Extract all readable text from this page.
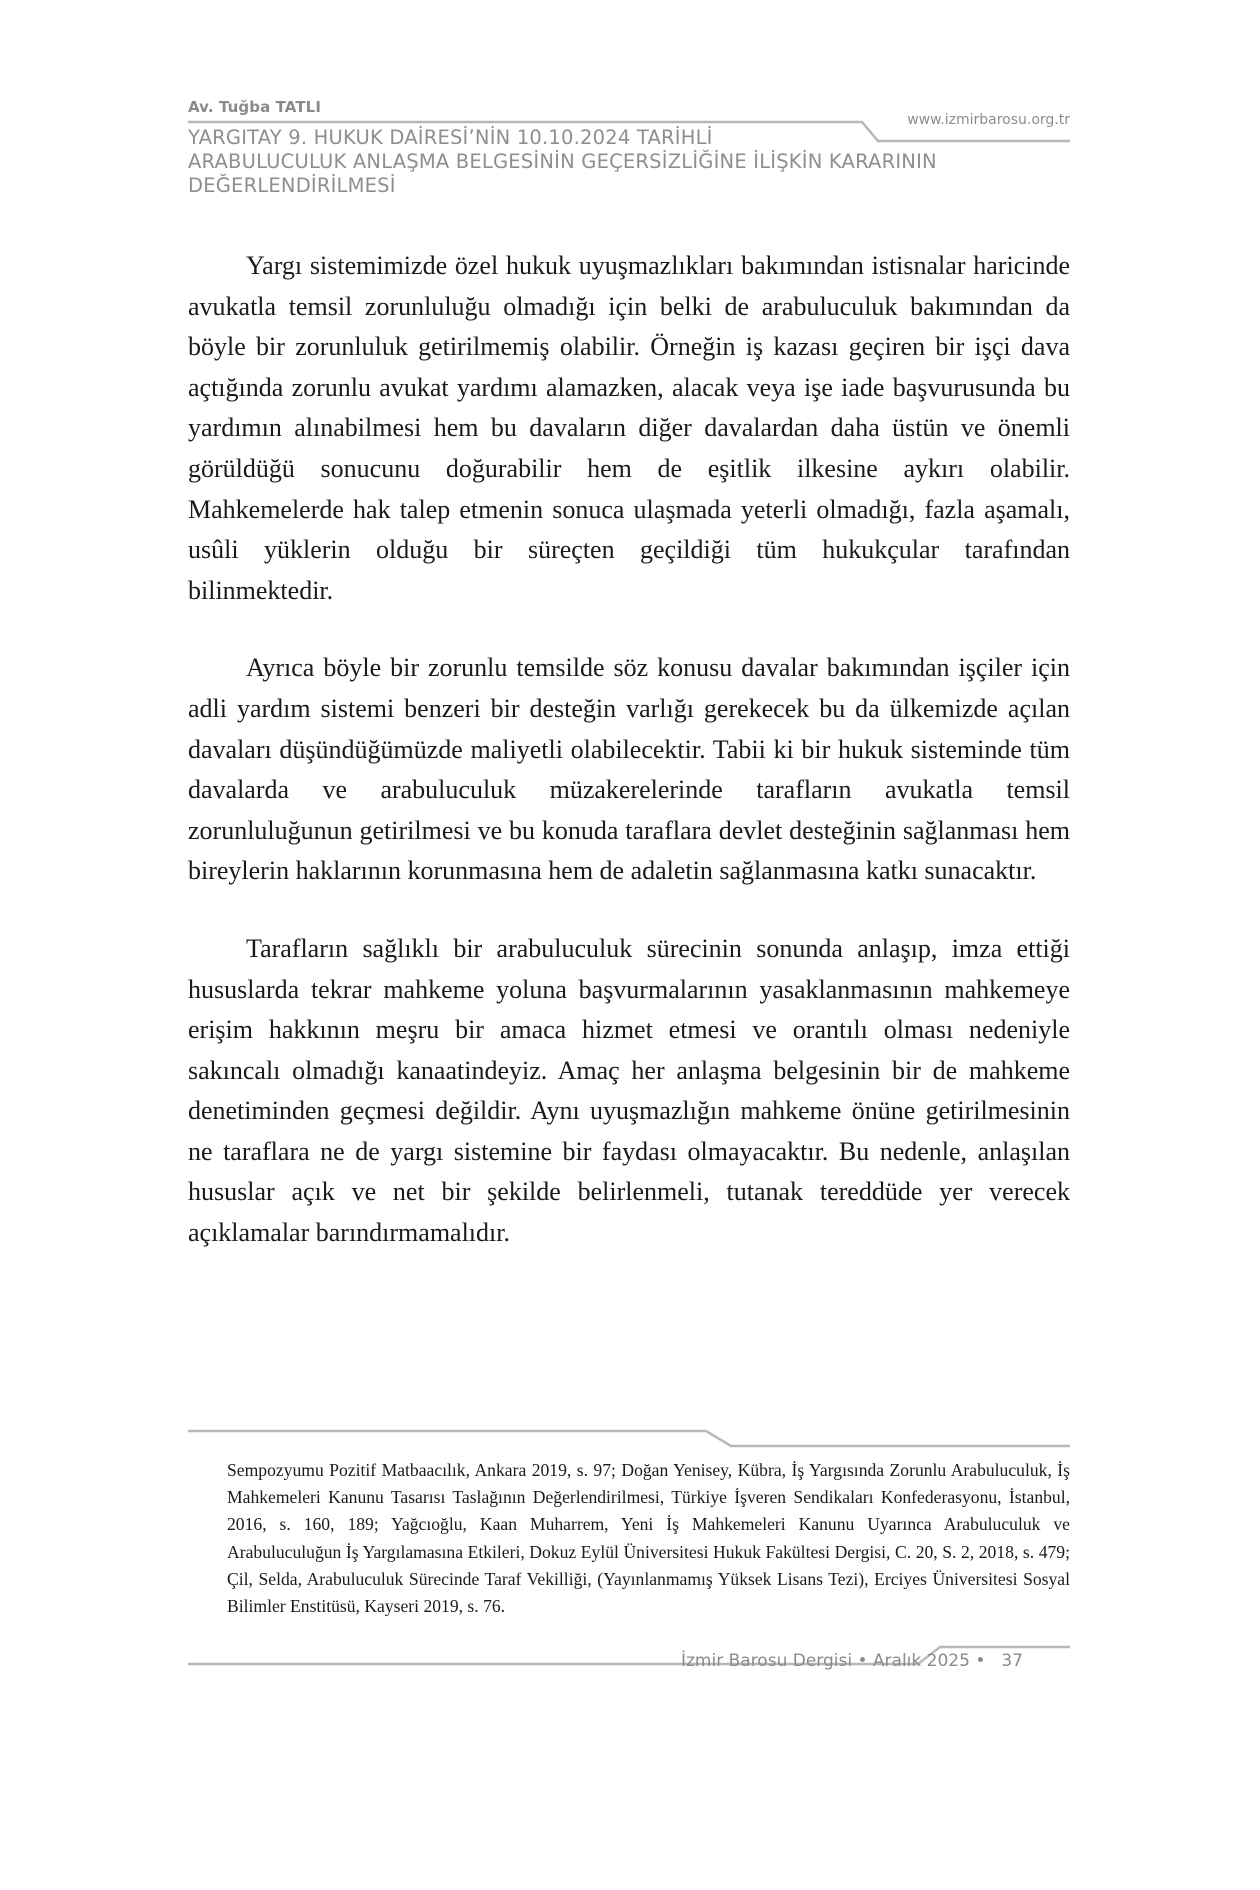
Av. Tuğba TATLI
www.izmirbarosu.org.tr
YARGITAY 9. HUKUK DAİRESİ’NİN 10.10.2024 TARİHLİ
ARABULUCULUK ANLAŞMA BELGESİNİN GEÇERSİZLİĞİNE İLİŞKİN KARARININ
DEĞERLENDİRİLMESİ

Yargı sistemimizde özel hukuk uyuşmazlıkları bakımından istisnalar haricinde avukatla temsil zorunluluğu olmadığı için belki de arabuluculuk bakımından da böyle bir zorunluluk getirilmemiş olabilir. Örneğin iş kazası geçiren bir işçi dava açtığında zorunlu avukat yardımı alamazken, alacak veya işe iade başvurusunda bu yardımın alınabilmesi hem bu davaların diğer davalardan daha üstün ve önemli görüldüğü sonucunu doğurabilir hem de eşitlik ilkesine aykırı olabilir. Mahkemelerde hak talep etmenin sonuca ulaşmada yeterli olmadığı, fazla aşamalı, usûli yüklerin olduğu bir süreçten geçildiği tüm hukukçular tarafından bilinmektedir.

Ayrıca böyle bir zorunlu temsilde söz konusu davalar bakımından işçiler için adli yardım sistemi benzeri bir desteğin varlığı gerekecek bu da ülkemizde açılan davaları düşündüğümüzde maliyetli olabilecektir. Tabii ki bir hukuk sisteminde tüm davalarda ve arabuluculuk müzakerelerinde tarafların avukatla temsil zorunluluğunun getirilmesi ve bu konuda taraflara devlet desteğinin sağlanması hem bireylerin haklarının korunmasına hem de adaletin sağlanmasına katkı sunacaktır.

Tarafların sağlıklı bir arabuluculuk sürecinin sonunda anlaşıp, imza ettiği hususlarda tekrar mahkeme yoluna başvurmalarının yasaklanmasının mahkemeye erişim hakkının meşru bir amaca hizmet etmesi ve orantılı olması nedeniyle sakıncalı olmadığı kanaatindeyiz. Amaç her anlaşma belgesinin bir de mahkeme denetiminden geçmesi değildir. Aynı uyuşmazlığın mahkeme önüne getirilmesinin ne taraflara ne de yargı sistemine bir faydası olmayacaktır. Bu nedenle, anlaşılan hususlar açık ve net bir şekilde belirlenmeli, tutanak tereddüde yer verecek açıklamalar barındırmamalıdır.

Sempozyumu Pozitif Matbaacılık, Ankara 2019, s. 97; Doğan Yenisey, Kübra, İş Yargısında Zorunlu Arabuluculuk, İş Mahkemeleri Kanunu Tasarısı Taslağının Değerlendirilmesi, Türkiye İşveren Sendikaları Konfederasyonu, İstanbul, 2016, s. 160, 189; Yağcıoğlu, Kaan Muharrem, Yeni İş Mahkemeleri Kanunu Uyarınca Arabuluculuk ve Arabuluculuğun İş Yargılamasına Etkileri, Dokuz Eylül Üniversitesi Hukuk Fakültesi Dergisi, C. 20, S. 2, 2018, s. 479; Çil, Selda, Arabuluculuk Sürecinde Taraf Vekilliği, (Yayınlanmamış Yüksek Lisans Tezi), Erciyes Üniversitesi Sosyal Bilimler Enstitüsü, Kayseri 2019, s. 76.

İzmir Barosu Dergisi • Aralık 2025 • 37
